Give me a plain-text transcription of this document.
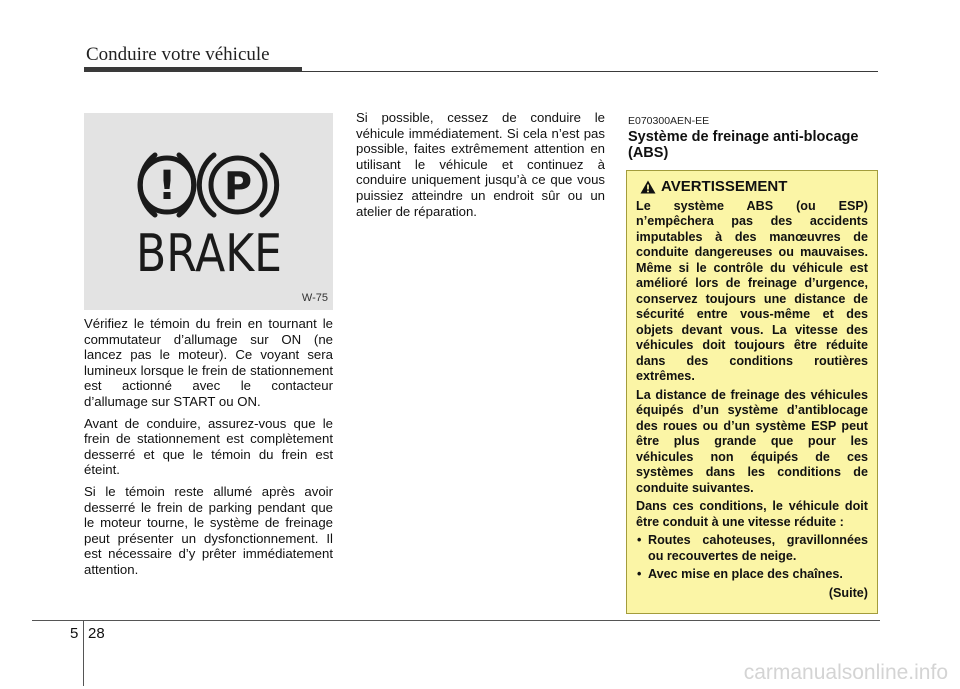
Conduire votre véhicule
! P
BRAKE
W-75

Vérifiez le témoin du frein en tournant le commutateur d’allumage sur ON (ne lancez pas le moteur). Ce voyant sera lumineux lorsque le frein de stationnement est actionné avec le contacteur d’allumage sur START ou ON.

Avant de conduire, assurez-vous que le frein de stationnement est complètement desserré et que le témoin du frein est éteint.

Si le témoin reste allumé après avoir desserré le frein de parking pendant que le moteur tourne, le système de freinage peut présenter un dysfonctionnement. Il est nécessaire d’y prêter immédiatement attention.

Si possible, cessez de conduire le véhicule immédiatement. Si cela n’est pas possible, faites extrêmement attention en utilisant le véhicule et continuez à conduire uniquement jusqu’à ce que vous puissiez atteindre un endroit sûr ou un atelier de réparation.

E070300AEN-EE
Système de freinage anti-blocage (ABS)
AVERTISSEMENT

Le système ABS (ou ESP) n’empêchera pas des accidents imputables à des manœuvres de conduite dangereuses ou mauvaises. Même si le contrôle du véhicule est amélioré lors de freinage d’urgence, conservez toujours une distance de sécurité entre vous-même et des objets devant vous. La vitesse des véhicules doit toujours être réduite dans des conditions routières extrêmes.

La distance de freinage des véhicules équipés d’un système d’antiblocage des roues ou d’un système ESP peut être plus grande que pour les véhicules non équipés de ces systèmes dans les conditions de conduite suivantes.

Dans ces conditions, le véhicule doit être conduit à une vitesse réduite :

• Routes cahoteuses, gravillonnées ou recouvertes de neige.
• Avec mise en place des chaînes.
(Suite)
5 28
carmanualsonline.info
